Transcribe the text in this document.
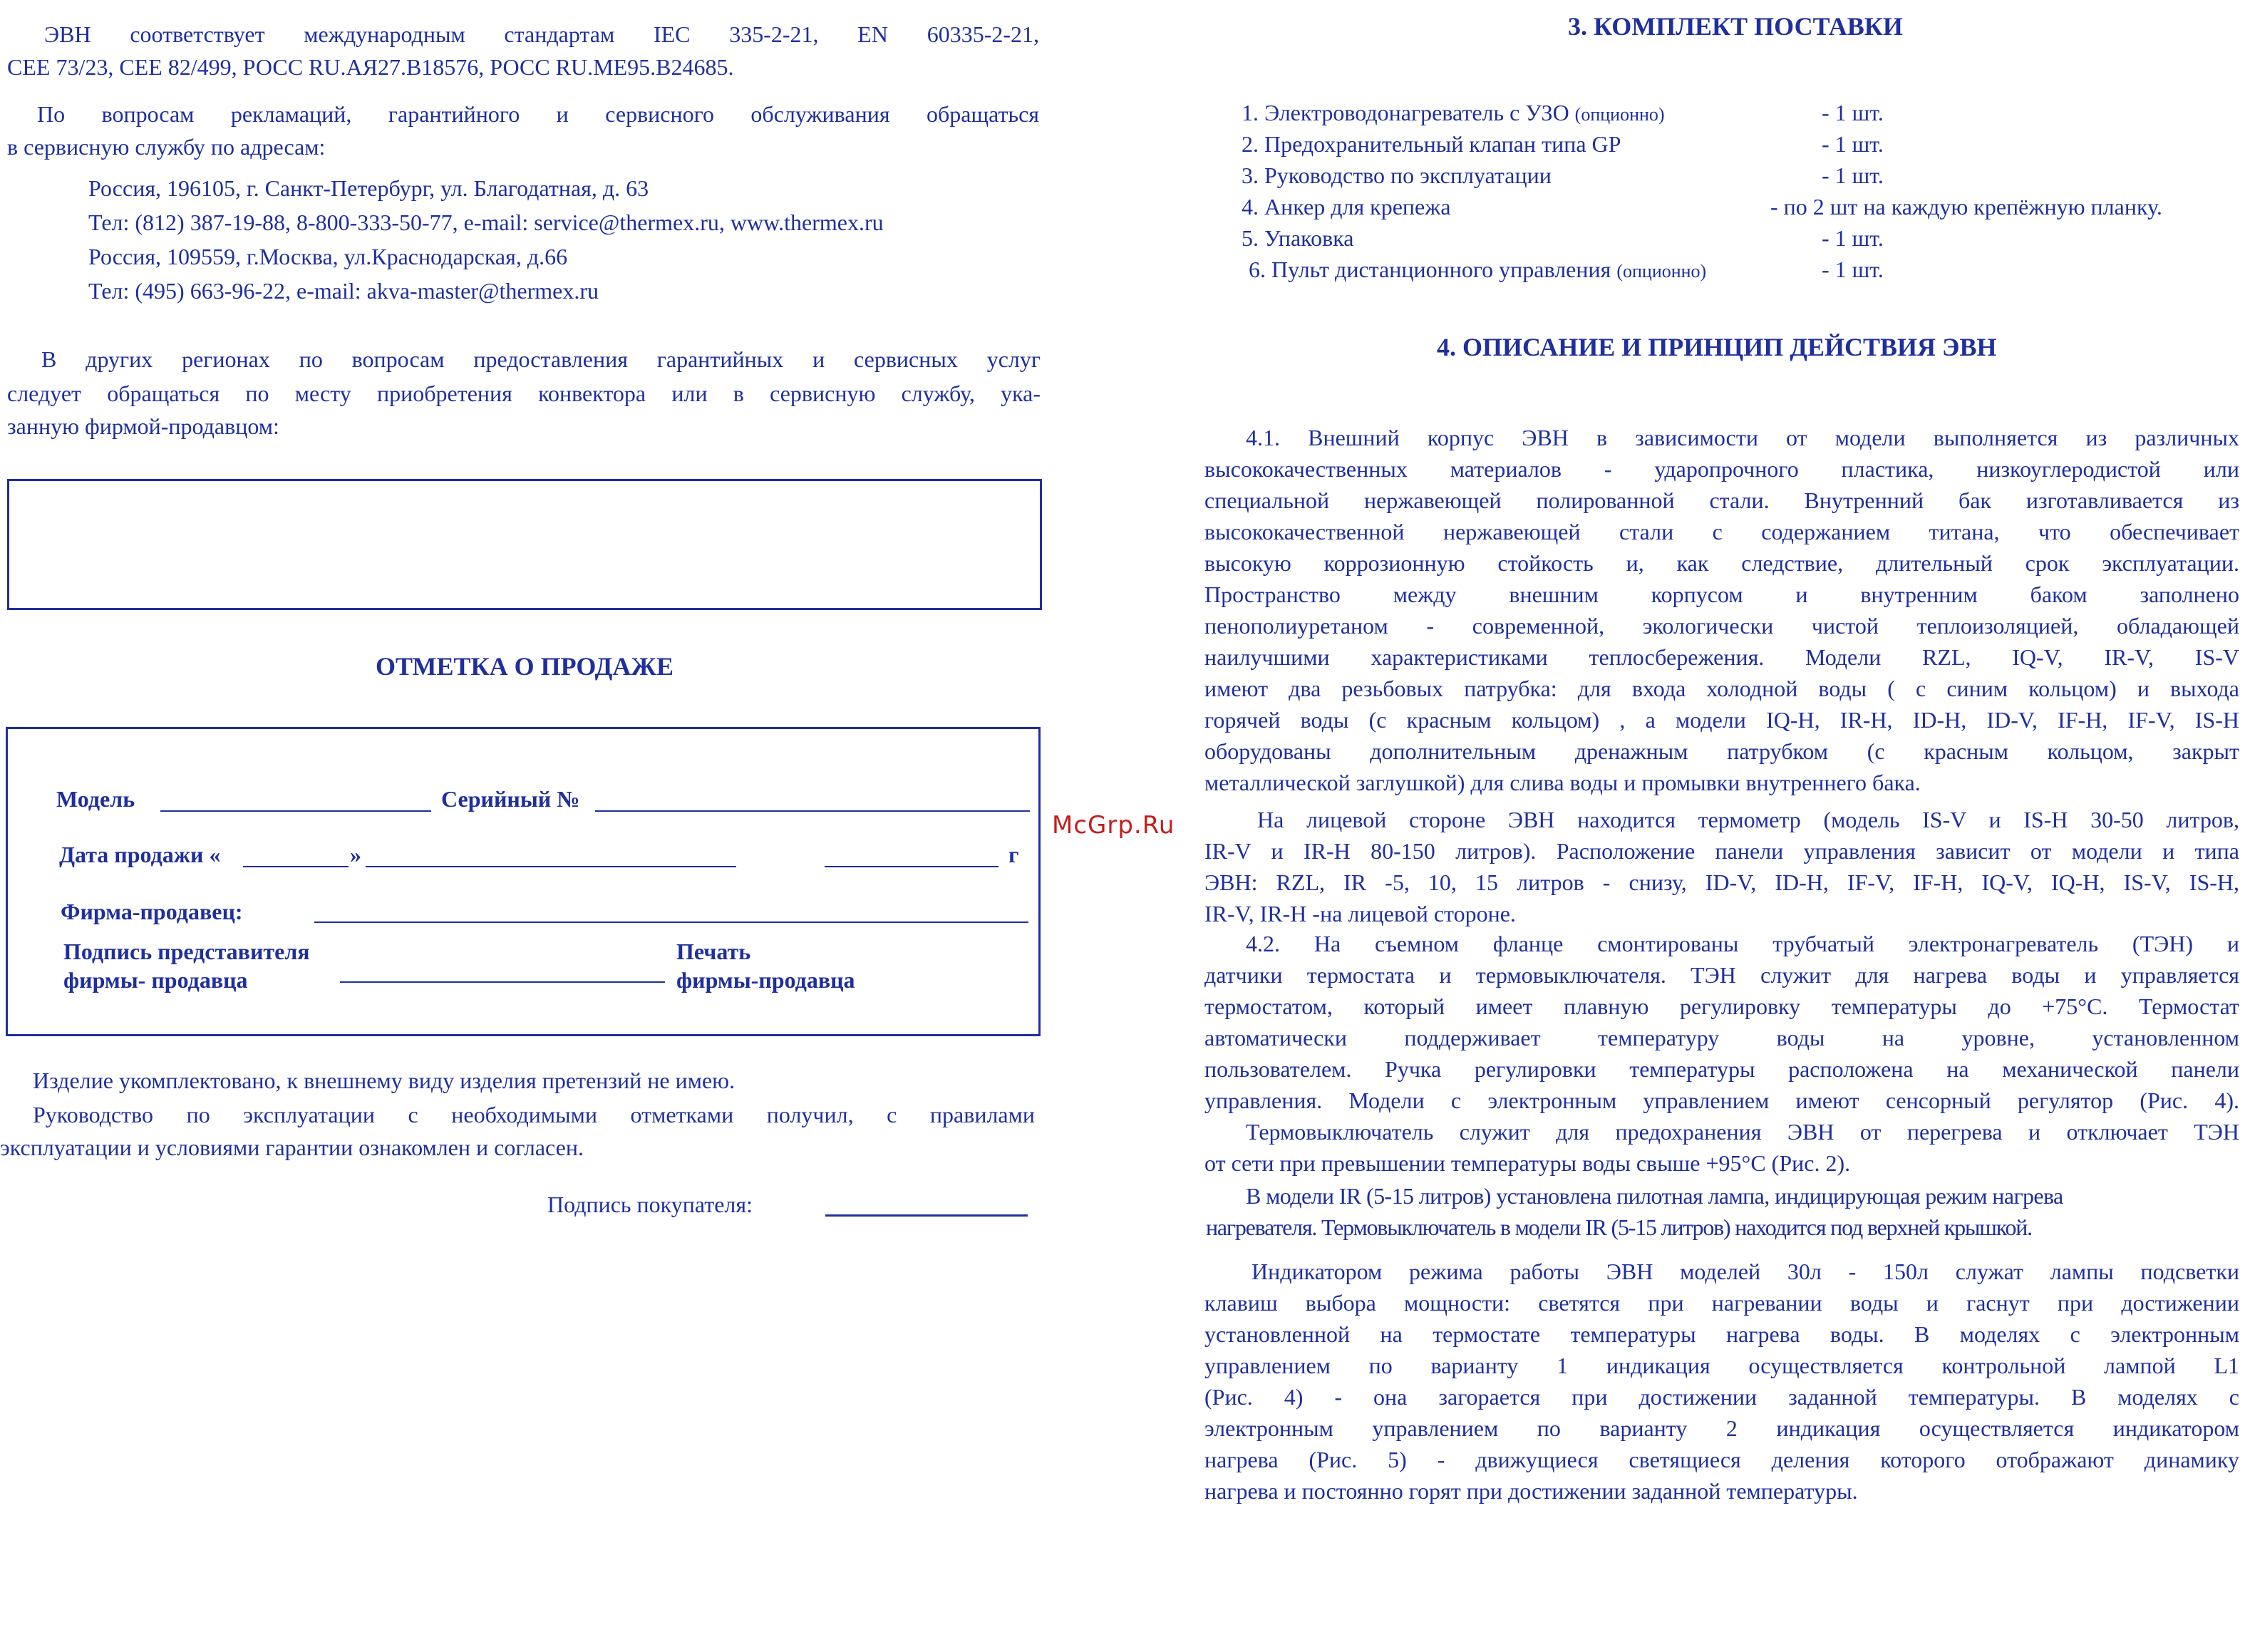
ЭВН соответствует международным стандартам IEC 335-2-21, EN 60335-2-21,
CEE 73/23, CEE 82/499, РОСС RU.АЯ27.В18576, РОСС RU.МЕ95.В24685.
По вопросам рекламаций, гарантийного и сервисного обслуживания обращаться
в сервисную службу по адресам:
Россия, 196105, г. Санкт-Петербург, ул. Благодатная, д. 63
Тел: (812) 387-19-88, 8-800-333-50-77, e-mail: service@thermex.ru, www.thermex.ru
Россия, 109559, г.Москва, ул.Краснодарская, д.66
Тел: (495) 663-96-22, e-mail: akva-master@thermex.ru
В других регионах по вопросам предоставления гарантийных и сервисных услуг
следует обращаться по месту приобретения конвектора или в сервисную службу, ука-
занную фирмой-продавцом:
ОТМЕТКА О ПРОДАЖЕ
Модель	Серийный №
Дата продажи «	»	г
Фирма-продавец:
Подпись представителя
фирмы- продавца
Печать
фирмы-продавца
Изделие укомплектовано, к внешнему виду изделия претензий не имею.
Руководство по эксплуатации с необходимыми отметками получил, с правилами
эксплуатации и условиями гарантии ознакомлен и согласен.
Подпись покупателя:
McGrp.Ru
3. КОМПЛЕКТ ПОСТАВКИ
1. Электроводонагреватель с УЗО (опционно)	- 1 шт.
2. Предохранительный клапан типа GP	- 1 шт.
3. Руководство по эксплуатации	- 1 шт.
4. Анкер для крепежа	- по 2 шт на каждую крепёжную планку.
5. Упаковка	- 1 шт.
6. Пульт дистанционного управления (опционно)	- 1 шт.
4. ОПИСАНИЕ И ПРИНЦИП ДЕЙСТВИЯ ЭВН
4.1. Внешний корпус ЭВН в зависимости от модели выполняется из различных
высококачественных материалов - ударопрочного пластика, низкоуглеродистой или
специальной нержавеющей полированной стали. Внутренний бак изготавливается из
высококачественной нержавеющей стали с содержанием титана, что обеспечивает
высокую коррозионную стойкость и, как следствие, длительный срок эксплуатации.
Пространство между внешним корпусом и внутренним баком заполнено
пенополиуретаном - современной, экологически чистой теплоизоляцией, обладающей
наилучшими характеристиками теплосбережения. Модели RZL, IQ-V, IR-V, IS-V
имеют два резьбовых патрубка: для входа холодной воды ( с синим кольцом) и выхода
горячей воды (с красным кольцом) , а модели IQ-H, IR-H, ID-H, ID-V, IF-H, IF-V, IS-H
оборудованы дополнительным дренажным патрубком (с красным кольцом, закрыт
металлической заглушкой) для слива воды и промывки внутреннего бака.
На лицевой стороне ЭВН находится термометр (модель IS-V и IS-H 30-50 литров,
IR-V и IR-H 80-150 литров). Расположение панели управления зависит от модели и типа
ЭВН: RZL, IR -5, 10, 15 литров - снизу, ID-V, ID-H, IF-V, IF-H, IQ-V, IQ-H, IS-V, IS-H,
IR-V, IR-H -на лицевой стороне.
4.2. На съемном фланце смонтированы трубчатый электронагреватель (ТЭН) и
датчики термостата и термовыключателя. ТЭН служит для нагрева воды и управляется
термостатом, который имеет плавную регулировку температуры до +75°C. Термостат
автоматически поддерживает температуру воды на уровне, установленном
пользователем. Ручка регулировки температуры расположена на механической панели
управления. Модели с электронным управлением имеют сенсорный регулятор (Рис. 4).
Термовыключатель служит для предохранения ЭВН от перегрева и отключает ТЭН
от сети при превышении температуры воды свыше +95°C (Рис. 2).
В модели IR (5-15 литров) установлена пилотная лампа, индицирующая режим нагрева
нагревателя. Термовыключатель в модели IR (5-15 литров) находится под верхней крышкой.
Индикатором режима работы ЭВН моделей 30л - 150л служат лампы подсветки
клавиш выбора мощности: светятся при нагревании воды и гаснут при достижении
установленной на термостате температуры нагрева воды. В моделях с электронным
управлением по варианту 1 индикация осуществляется контрольной лампой L1
(Рис. 4) - она загорается при достижении заданной температуры. В моделях с
электронным управлением по варианту 2 индикация осуществляется индикатором
нагрева (Рис. 5) - движущиеся светящиеся деления которого отображают динамику
нагрева и постоянно горят при достижении заданной температуры.
